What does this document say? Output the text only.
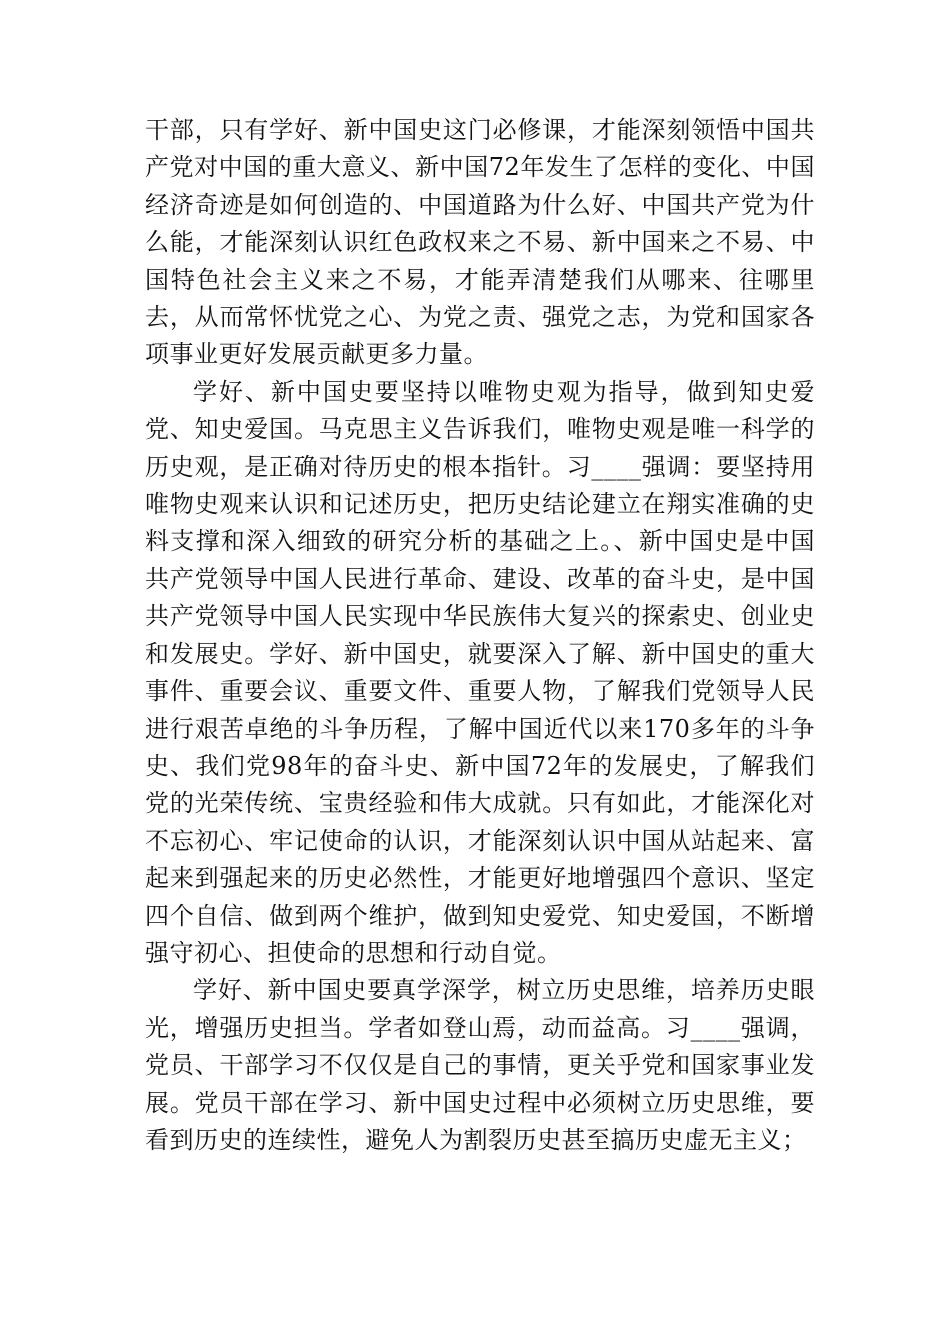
干部，只有学好、新中国史这门必修课，才能深刻领悟中国共产党对中国的重大意义、新中国72年发生了怎样的变化、中国经济奇迹是如何创造的、中国道路为什么好、中国共产党为什么能，才能深刻认识红色政权来之不易、新中国来之不易、中国特色社会主义来之不易，才能弄清楚我们从哪来、往哪里去，从而常怀忧党之心、为党之责、强党之志，为党和国家各项事业更好发展贡献更多力量。

学好、新中国史要坚持以唯物史观为指导，做到知史爱党、知史爱国。马克思主义告诉我们，唯物史观是唯一科学的历史观，是正确对待历史的根本指针。习____强调：要坚持用唯物史观来认识和记述历史，把历史结论建立在翔实准确的史料支撑和深入细致的研究分析的基础之上。、新中国史是中国共产党领导中国人民进行革命、建设、改革的奋斗史，是中国共产党领导中国人民实现中华民族伟大复兴的探索史、创业史和发展史。学好、新中国史，就要深入了解、新中国史的重大事件、重要会议、重要文件、重要人物，了解我们党领导人民进行艰苦卓绝的斗争历程，了解中国近代以来170多年的斗争史、我们党98年的奋斗史、新中国72年的发展史，了解我们党的光荣传统、宝贵经验和伟大成就。只有如此，才能深化对不忘初心、牢记使命的认识，才能深刻认识中国从站起来、富起来到强起来的历史必然性，才能更好地增强四个意识、坚定四个自信、做到两个维护，做到知史爱党、知史爱国，不断增强守初心、担使命的思想和行动自觉。

学好、新中国史要真学深学，树立历史思维，培养历史眼光，增强历史担当。学者如登山焉，动而益高。习____强调，党员、干部学习不仅仅是自己的事情，更关乎党和国家事业发展。党员干部在学习、新中国史过程中必须树立历史思维，要看到历史的连续性，避免人为割裂历史甚至搞历史虚无主义；
